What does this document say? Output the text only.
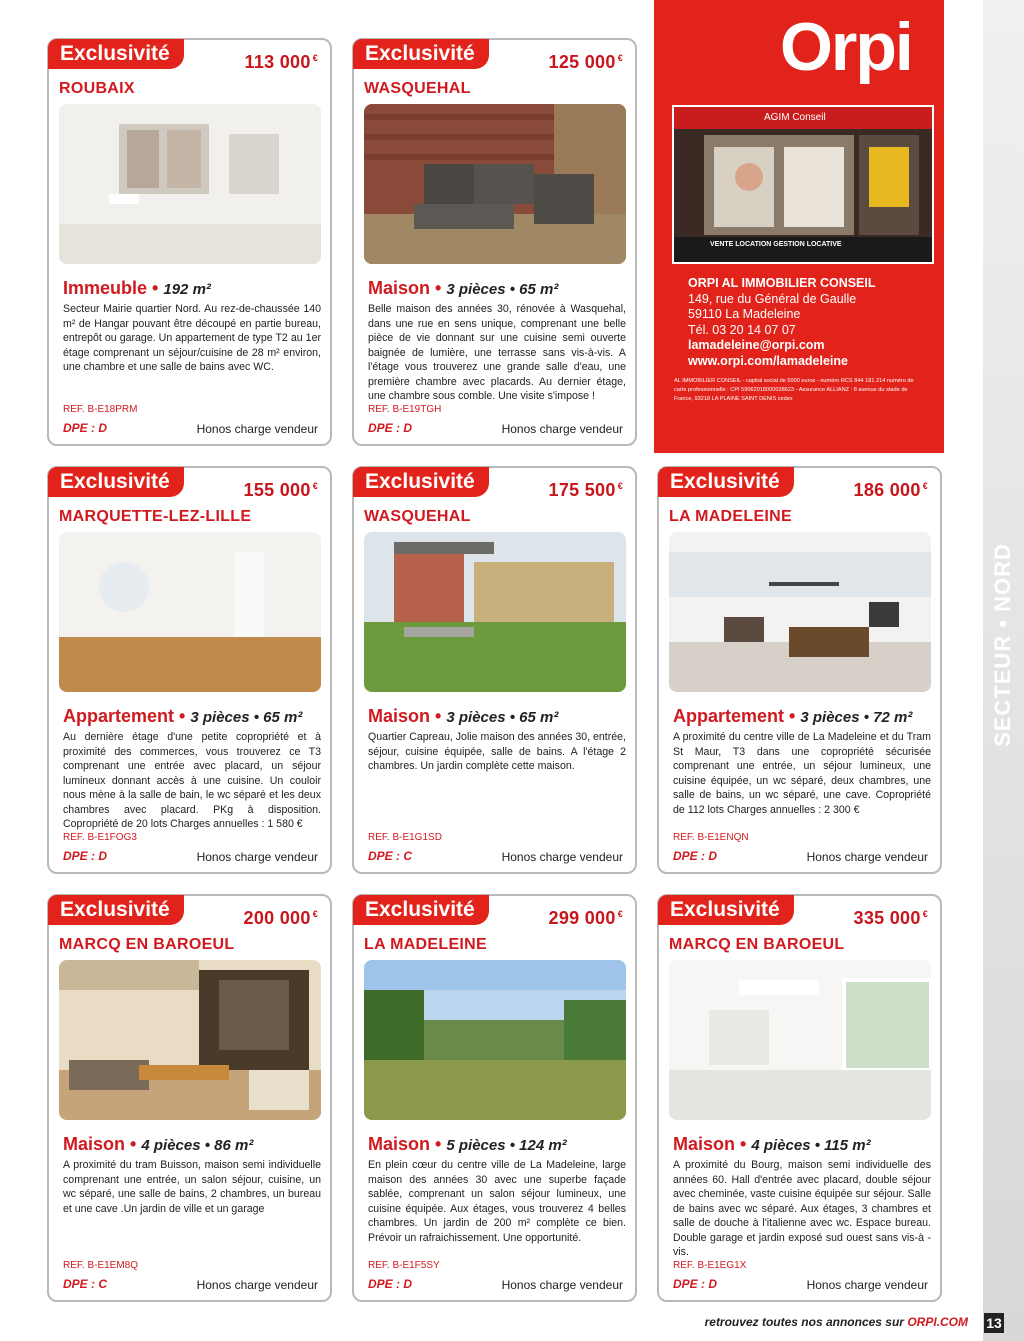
Orpi
AGIM Conseil
VENTE LOCATION GESTION LOCATIVE
ORPI AL IMMOBILIER CONSEIL
149, rue du Général de Gaulle
59110 La Madeleine
Tél. 03 20 14 07 07
lamadeleine@orpi.com
www.orpi.com/lamadeleine
AL IMMOBILIER CONSEIL - capital social de 5000 euros - numéro RCS 844 181 214 numéro de carte professionnelle : CPI 59062018000038623 - Assurance ALLIANZ : 8 avenue du stade de France, 93218 LA PLAINE SAINT DENIS cedex
Exclusivité	113 000 €
ROUBAIX
Immeuble • 192 m²
Secteur Mairie quartier Nord. Au rez-de-chaussée 140 m² de Hangar pouvant être découpé en partie bureau, entrepôt ou garage. Un appartement de type T2 au 1er étage comprenant un séjour/cuisine de 28 m² environ, une chambre et une salle de bains avec WC.
REF. B-E18PRM
DPE : D	Honos charge vendeur
Exclusivité	125 000 €
WASQUEHAL
Maison • 3 pièces • 65 m²
Belle maison des années 30, rénovée à Wasquehal, dans une rue en sens unique, comprenant une belle pièce de vie donnant sur une cuisine semi ouverte baignée de lumière, une terrasse sans vis-à-vis. A l'étage vous trouverez une grande salle d'eau, une première chambre avec placards. Au dernier étage, une chambre sous comble. Une visite s'impose !
REF. B-E19TGH
DPE : D	Honos charge vendeur
Exclusivité	155 000 €
MARQUETTE-LEZ-LILLE
Appartement • 3 pièces • 65 m²
Au dernière étage d'une petite copropriété et à proximité des commerces, vous trouverez ce T3 comprenant une entrée avec placard, un séjour lumineux donnant accès à une cuisine. Un couloir nous mène à la salle de bain, le wc séparé et les deux chambres avec placard. PKg à disposition. Copropriété de 20 lots Charges annuelles : 1 580 €
REF. B-E1FOG3
DPE : D	Honos charge vendeur
Exclusivité	175 500 €
WASQUEHAL
Maison • 3 pièces • 65 m²
Quartier Capreau, Jolie maison des années 30, entrée, séjour, cuisine équipée, salle de bains. A l'étage 2 chambres. Un jardin complète cette maison.
REF. B-E1G1SD
DPE : C	Honos charge vendeur
Exclusivité	186 000 €
LA MADELEINE
Appartement • 3 pièces • 72 m²
A proximité du centre ville de La Madeleine et du Tram St Maur, T3 dans une copropriété sécurisée comprenant une entrée, un séjour lumineux, une cuisine équipée, un wc séparé, deux chambres, une salle de bains, un wc séparé, une cave. Copropriété de 112 lots Charges annuelles : 2 300 €
REF. B-E1ENQN
DPE : D	Honos charge vendeur
Exclusivité	200 000 €
MARCQ EN BAROEUL
Maison • 4 pièces • 86 m²
A proximité du tram Buisson, maison semi individuelle comprenant une entrée, un salon séjour, cuisine, un wc séparé, une salle de bains, 2 chambres, un bureau et une cave .Un jardin de ville et un garage
REF. B-E1EM8Q
DPE : C	Honos charge vendeur
Exclusivité	299 000 €
LA MADELEINE
Maison • 5 pièces • 124 m²
En plein cœur du centre ville de La Madeleine, large maison des années 30 avec une superbe façade sablée, comprenant un salon séjour lumineux, une cuisine équipée. Aux étages, vous trouverez 4 belles chambres. Un jardin de 200 m² complète ce bien. Prévoir un rafraichissement. Une opportunité.
REF. B-E1F5SY
DPE : D	Honos charge vendeur
Exclusivité	335 000 €
MARCQ EN BAROEUL
Maison • 4 pièces • 115 m²
A proximité du Bourg, maison semi individuelle des années 60. Hall d'entrée avec placard, double séjour avec cheminée, vaste cuisine équipée sur séjour. Salle de bains avec wc séparé. Aux étages, 3 chambres et salle de douche à l'italienne avec wc. Espace bureau. Double garage et jardin exposé sud ouest sans vis-à -vis.
REF. B-E1EG1X
DPE : D	Honos charge vendeur
SECTEUR • NORD
retrouvez toutes nos annonces sur ORPI.COM 13
